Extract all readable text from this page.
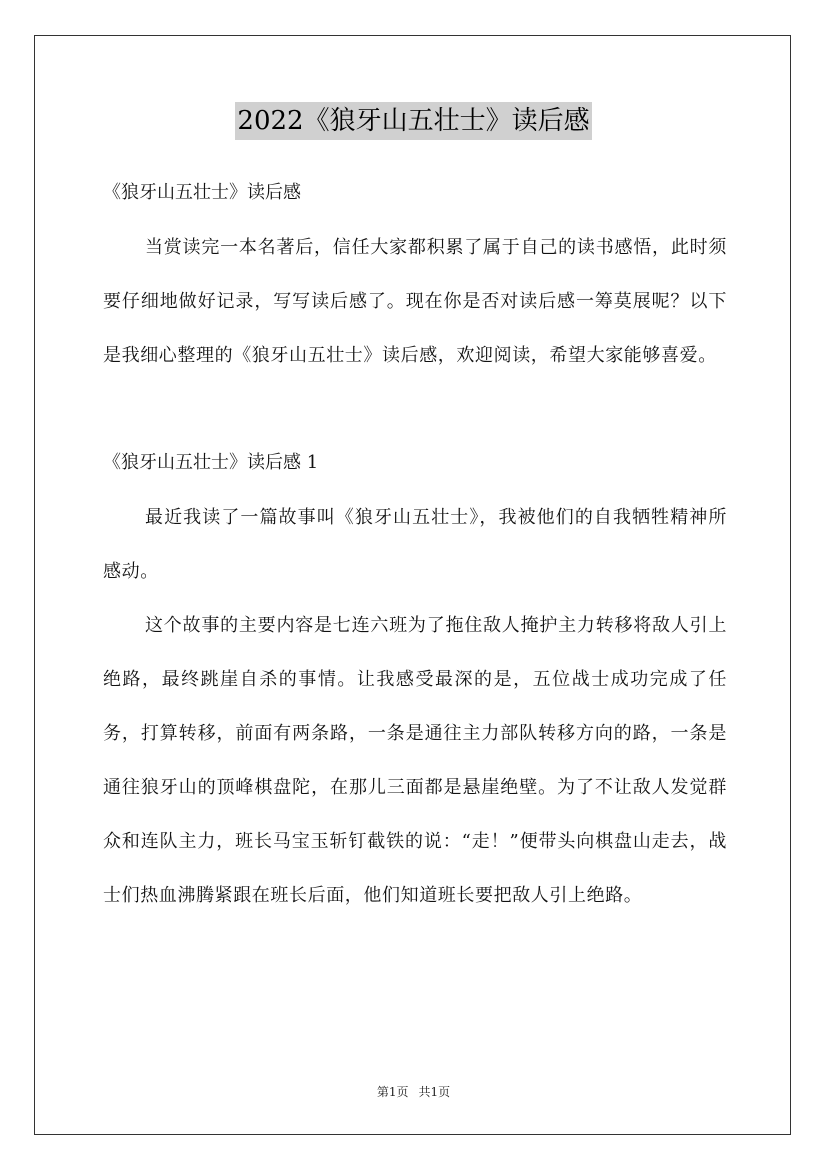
2022《狼牙山五壮士》读后感

《狼牙山五壮士》读后感

当赏读完一本名著后，信任大家都积累了属于自己的读书感悟，此时须要仔细地做好记录，写写读后感了。现在你是否对读后感一筹莫展呢？以下是我细心整理的《狼牙山五壮士》读后感，欢迎阅读，希望大家能够喜爱。

《狼牙山五壮士》读后感 1

最近我读了一篇故事叫《狼牙山五壮士》，我被他们的自我牺牲精神所感动。

这个故事的主要内容是七连六班为了拖住敌人掩护主力转移将敌人引上绝路，最终跳崖自杀的事情。让我感受最深的是，五位战士成功完成了任务，打算转移，前面有两条路，一条是通往主力部队转移方向的路，一条是通往狼牙山的顶峰棋盘陀，在那儿三面都是悬崖绝壁。为了不让敌人发觉群众和连队主力，班长马宝玉斩钉截铁的说：“走！”便带头向棋盘山走去，战士们热血沸腾紧跟在班长后面，他们知道班长要把敌人引上绝路。

第1页 共1页
